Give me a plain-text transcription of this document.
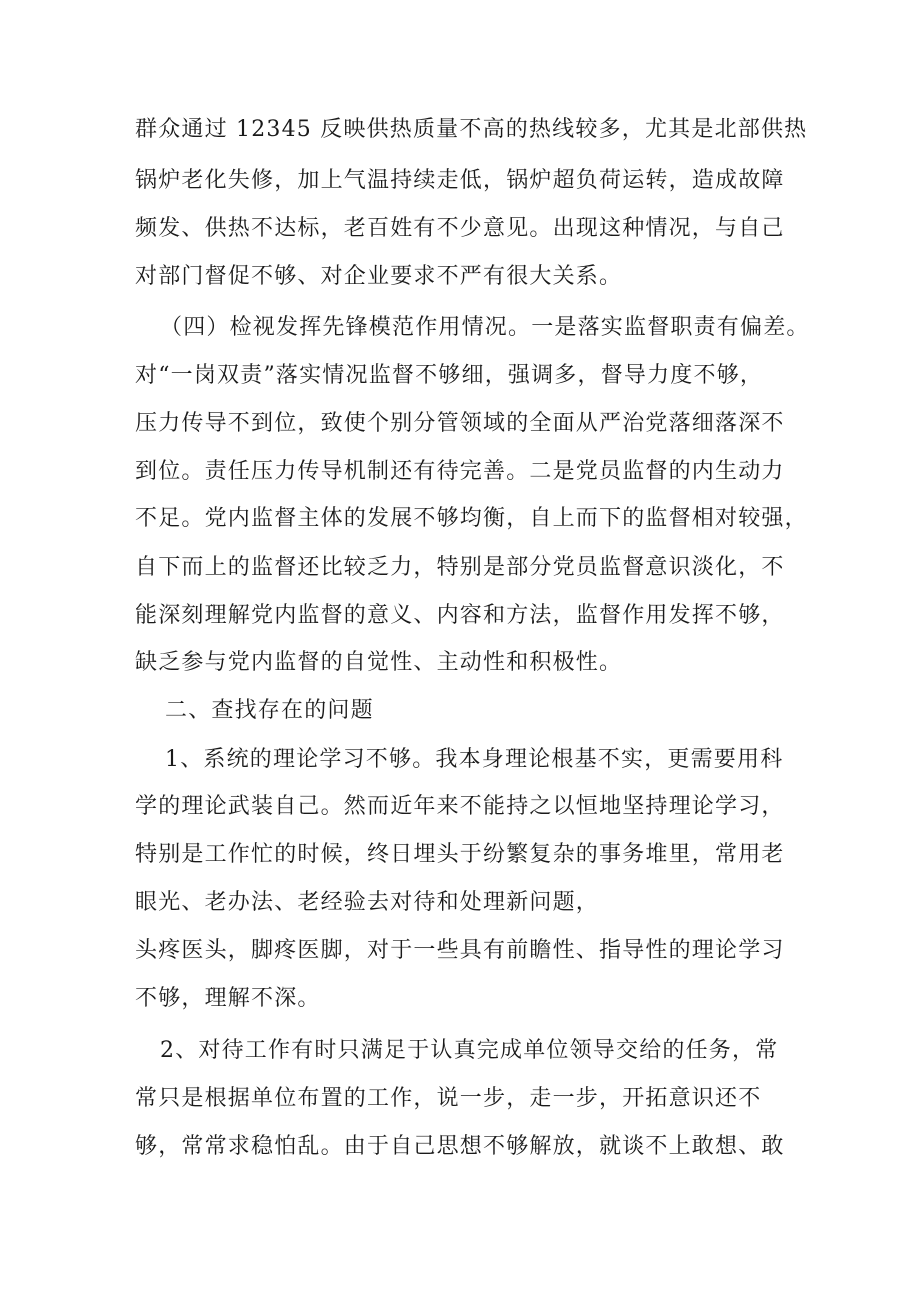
群众通过 12345 反映供热质量不高的热线较多，尤其是北部供热
锅炉老化失修，加上气温持续走低，锅炉超负荷运转，造成故障
频发、供热不达标，老百姓有不少意见。出现这种情况，与自己
对部门督促不够、对企业要求不严有很大关系。
（四）检视发挥先锋模范作用情况。一是落实监督职责有偏差。
对“一岗双责”落实情况监督不够细，强调多，督导力度不够，
压力传导不到位，致使个别分管领域的全面从严治党落细落深不
到位。责任压力传导机制还有待完善。二是党员监督的内生动力
不足。党内监督主体的发展不够均衡，自上而下的监督相对较强，
自下而上的监督还比较乏力，特别是部分党员监督意识淡化，不
能深刻理解党内监督的意义、内容和方法，监督作用发挥不够，
缺乏参与党内监督的自觉性、主动性和积极性。
二、查找存在的问题
1、系统的理论学习不够。我本身理论根基不实，更需要用科
学的理论武装自己。然而近年来不能持之以恒地坚持理论学习，
特别是工作忙的时候，终日埋头于纷繁复杂的事务堆里，常用老
眼光、老办法、老经验去对待和处理新问题，
头疼医头，脚疼医脚，对于一些具有前瞻性、指导性的理论学习
不够，理解不深。
2、对待工作有时只满足于认真完成单位领导交给的任务，常
常只是根据单位布置的工作，说一步，走一步，开拓意识还不
够，常常求稳怕乱。由于自己思想不够解放，就谈不上敢想、敢
